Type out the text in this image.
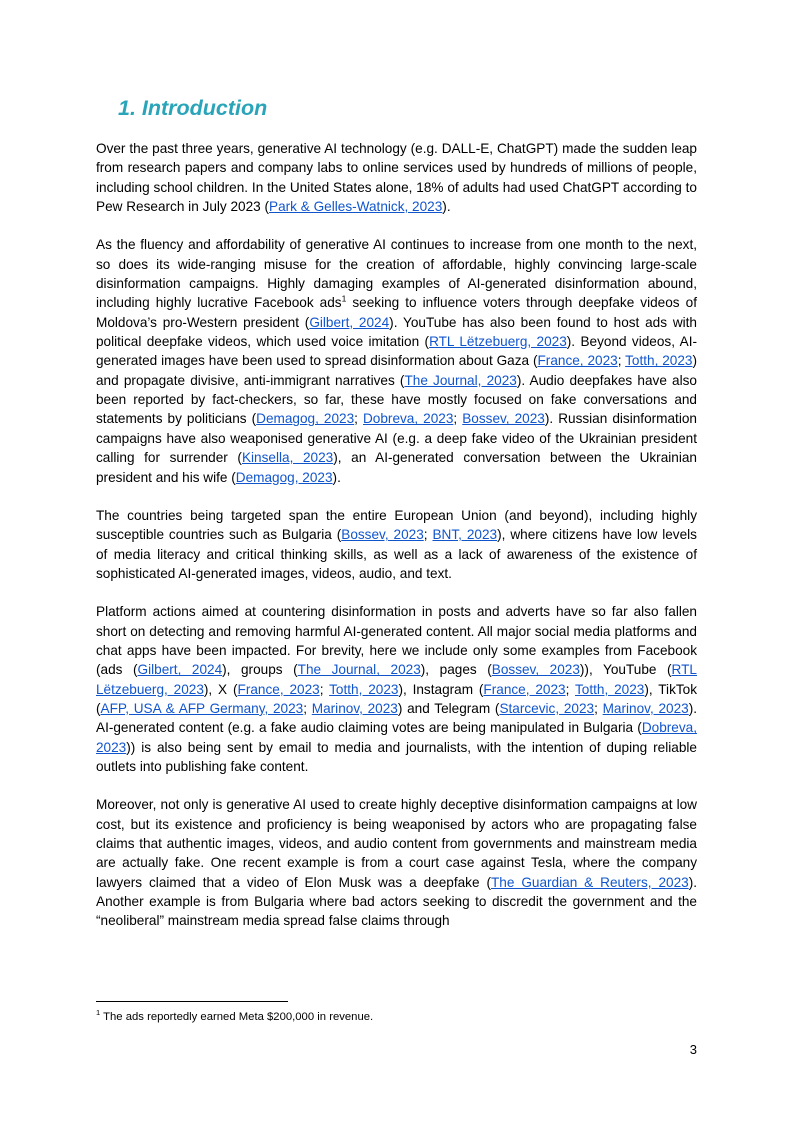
1. Introduction

Over the past three years, generative AI technology (e.g. DALL-E, ChatGPT) made the sudden leap from research papers and company labs to online services used by hundreds of millions of people, including school children. In the United States alone, 18% of adults had used ChatGPT according to Pew Research in July 2023 (Park & Gelles-Watnick, 2023).

As the fluency and affordability of generative AI continues to increase from one month to the next, so does its wide-ranging misuse for the creation of affordable, highly convincing large-scale disinformation campaigns. Highly damaging examples of AI-generated disinformation abound, including highly lucrative Facebook ads$^1$ seeking to influence voters through deepfake videos of Moldova’s pro-Western president (Gilbert, 2024). YouTube has also been found to host ads with political deepfake videos, which used voice imitation (RTL Lëtzebuerg, 2023). Beyond videos, AI-generated images have been used to spread disinformation about Gaza (France, 2023; Totth, 2023) and propagate divisive, anti-immigrant narratives (The Journal, 2023). Audio deepfakes have also been reported by fact-checkers, so far, these have mostly focused on fake conversations and statements by politicians (Demagog, 2023; Dobreva, 2023; Bossev, 2023). Russian disinformation campaigns have also weaponised generative AI (e.g. a deep fake video of the Ukrainian president calling for surrender (Kinsella, 2023), an AI-generated conversation between the Ukrainian president and his wife (Demagog, 2023).

The countries being targeted span the entire European Union (and beyond), including highly susceptible countries such as Bulgaria (Bossev, 2023; BNT, 2023), where citizens have low levels of media literacy and critical thinking skills, as well as a lack of awareness of the existence of sophisticated AI-generated images, videos, audio, and text.

Platform actions aimed at countering disinformation in posts and adverts have so far also fallen short on detecting and removing harmful AI-generated content. All major social media platforms and chat apps have been impacted. For brevity, here we include only some examples from Facebook (ads (Gilbert, 2024), groups (The Journal, 2023), pages (Bossev, 2023)), YouTube (RTL Lëtzebuerg, 2023), X (France, 2023; Totth, 2023), Instagram (France, 2023; Totth, 2023), TikTok (AFP, USA & AFP Germany, 2023; Marinov, 2023) and Telegram (Starcevic, 2023; Marinov, 2023). AI-generated content (e.g. a fake audio claiming votes are being manipulated in Bulgaria (Dobreva, 2023)) is also being sent by email to media and journalists, with the intention of duping reliable outlets into publishing fake content.

Moreover, not only is generative AI used to create highly deceptive disinformation campaigns at low cost, but its existence and proficiency is being weaponised by actors who are propagating false claims that authentic images, videos, and audio content from governments and mainstream media are actually fake. One recent example is from a court case against Tesla, where the company lawyers claimed that a video of Elon Musk was a deepfake (The Guardian & Reuters, 2023). Another example is from Bulgaria where bad actors seeking to discredit the government and the “neoliberal” mainstream media spread false claims through

$^1$ The ads reportedly earned Meta $200,000 in revenue.
3
